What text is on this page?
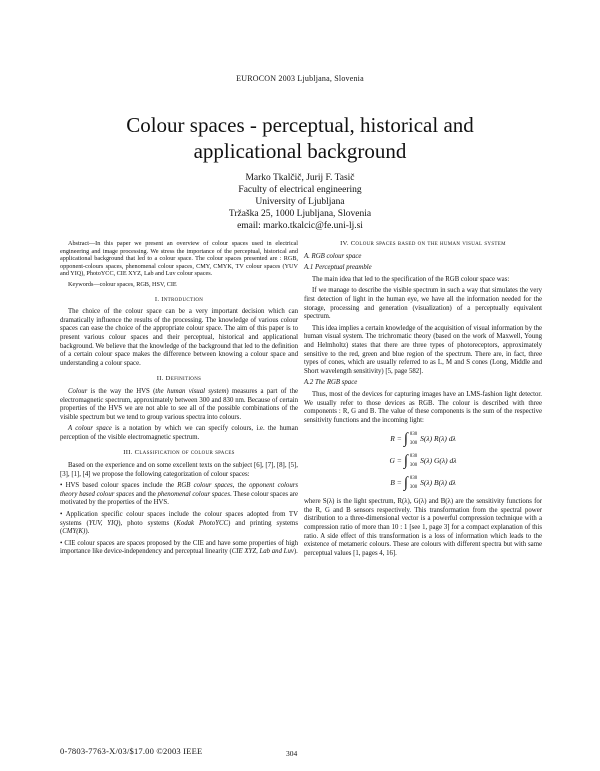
EUROCON 2003 Ljubljana, Slovenia
Colour spaces - perceptual, historical and
applicational background
Marko Tkalčič, Jurij F. Tasič
Faculty of electrical engineering
University of Ljubljana
Tržaška 25, 1000 Ljubljana, Slovenia
email: marko.tkalcic@fe.uni-lj.si

Abstract—In this paper we present an overview of colour spaces used in electrical engineering and image processing. We stress the importance of the perceptual, historical and applicational background that led to a colour space. The colour spaces presented are : RGB, opponent-colours spaces, phenomenal colour spaces, CMY, CMYK, TV colour spaces (YUV and YIQ), PhotoYCC, CIE XYZ, Lab and Luv colour spaces.

Keywords—colour spaces, RGB, HSV, CIE

I. Introduction

The choice of the colour space can be a very important decision which can dramatically influence the results of the processing. The knowledge of various colour spaces can ease the choice of the appropriate colour space. The aim of this paper is to present various colour spaces and their perceptual, historical and applicational background. We believe that the knowledge of the background that led to the definition of a certain colour space makes the difference between knowing a colour space and understanding a colour space.

II. Definitions

Colour is the way the HVS (the human visual system) measures a part of the electromagnetic spectrum, approximately between 300 and 830 nm. Because of certain properties of the HVS we are not able to see all of the possible combinations of the visible spectrum but we tend to group various spectra into colours.

A colour space is a notation by which we can specify colours, i.e. the human perception of the visible electromagnetic spectrum.

III. Classification of colour spaces

Based on the experience and on some excellent texts on the subject [6], [7], [8], [5], [3], [1], [4] we propose the following categorization of colour spaces:

• HVS based colour spaces include the RGB colour spaces, the opponent colours theory based colour spaces and the phenomenal colour spaces. These colour spaces are motivated by the properties of the HVS.

• Application specific colour spaces include the colour spaces adopted from TV systems (YUV, YIQ), photo systems (Kodak PhotoYCC) and printing systems (CMY(K)).

• CIE colour spaces are spaces proposed by the CIE and have some properties of high importance like device-independency and perceptual linearity (CIE XYZ, Lab and Luv).

IV. Colour spaces based on the human visual system

A. RGB colour space

A.1 Perceptual preamble

The main idea that led to the specification of the RGB colour space was:

If we manage to describe the visible spectrum in such a way that simulates the very first detection of light in the human eye, we have all the information needed for the storage, processing and generation (visualization) of a perceptually equivalent spectrum.

This idea implies a certain knowledge of the acquisition of visual information by the human visual system. The trichromatic theory (based on the work of Maxwell, Young and Helmholtz) states that there are three types of photoreceptors, approximately sensitive to the red, green and blue region of the spectrum. There are, in fact, three types of cones, which are usually referred to as L, M and S cones (Long, Middle and Short wavelength sensitivity) [5, page 582].

A.2 The RGB space

Thus, most of the devices for capturing images have an LMS-fashion light detector. We usually refer to those devices as RGB. The colour is described with three components : R, G and B. The value of these components is the sum of the respective sensitivity functions and the incoming light:

R = ∫ 830
300
S(λ) R(λ) dλ
G = ∫ 830
300
S(λ) G(λ) dλ
B = ∫ 830
300
S(λ) B(λ) dλ

where S(λ) is the light spectrum, R(λ), G(λ) and B(λ) are the sensitivity functions for the R, G and B sensors respectively. This transformation from the spectral power distribution to a three-dimensional vector is a powerful compression technique with a compression ratio of more than 10 : 1 [see 1, page 3] for a compact explanation of this ratio. A side effect of this transformation is a loss of information which leads to the existence of metameric colours. These are colours with different spectra but with same perceptual values [1, pages 4, 16].

0-7803-7763-X/03/$17.00 ©2003 IEEE	304
